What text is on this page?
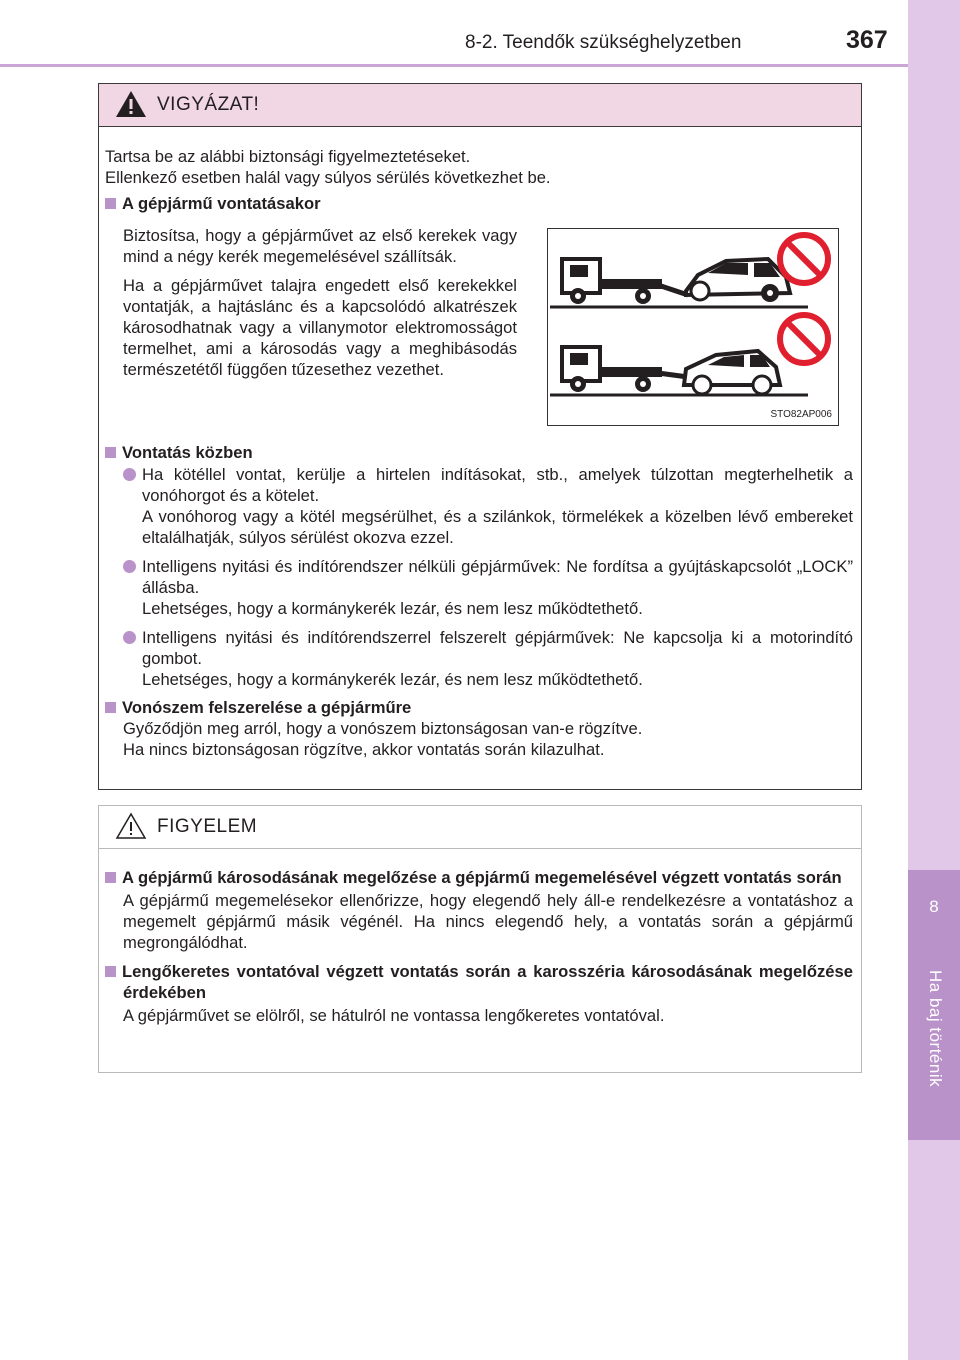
8-2. Teendők szükséghelyzetben	367
8
Ha baj történik
VIGYÁZAT!

Tartsa be az alábbi biztonsági figyelmeztetéseket.

Ellenkező esetben halál vagy súlyos sérülés következhet be.

A gépjármű vontatásakor

Biztosítsa, hogy a gépjárművet az első kerekek vagy mind a négy kerék megemelésével szállítsák.

Ha a gépjárművet talajra engedett első kerekekkel vontatják, a hajtáslánc és a kapcsolódó alkatrészek károsodhatnak vagy a villanymotor elektromosságot termelhet, ami a károsodás vagy a meghibásodás természetétől függően tűzesethez vezethet.

STO82AP006
Vontatás közben

Ha kötéllel vontat, kerülje a hirtelen indításokat, stb., amelyek túlzottan megterhelhetik a vonóhorgot és a kötelet.

A vonóhorog vagy a kötél megsérülhet, és a szilánkok, törmelékek a közelben lévő embereket eltalálhatják, súlyos sérülést okozva ezzel.

Intelligens nyitási és indítórendszer nélküli gépjárművek: Ne fordítsa a gyújtáskapcsolót „LOCK” állásba.

Lehetséges, hogy a kormánykerék lezár, és nem lesz működtethető.

Intelligens nyitási és indítórendszerrel felszerelt gépjárművek: Ne kapcsolja ki a motorindító gombot.

Lehetséges, hogy a kormánykerék lezár, és nem lesz működtethető.

Vonószem felszerelése a gépjárműre

Győződjön meg arról, hogy a vonószem biztonságosan van-e rögzítve.

Ha nincs biztonságosan rögzítve, akkor vontatás során kilazulhat.

FIGYELEM
A gépjármű károsodásának megelőzése a gépjármű megemelésével végzett vontatás során

A gépjármű megemelésekor ellenőrizze, hogy elegendő hely áll-e rendelkezésre a vontatáshoz a megemelt gépjármű másik végénél. Ha nincs elegendő hely, a vontatás során a gépjármű megrongálódhat.

Lengőkeretes vontatóval végzett vontatás során a karosszéria károsodásának megelőzése érdekében

A gépjárművet se elölről, se hátulról ne vontassa lengőkeretes vontatóval.
